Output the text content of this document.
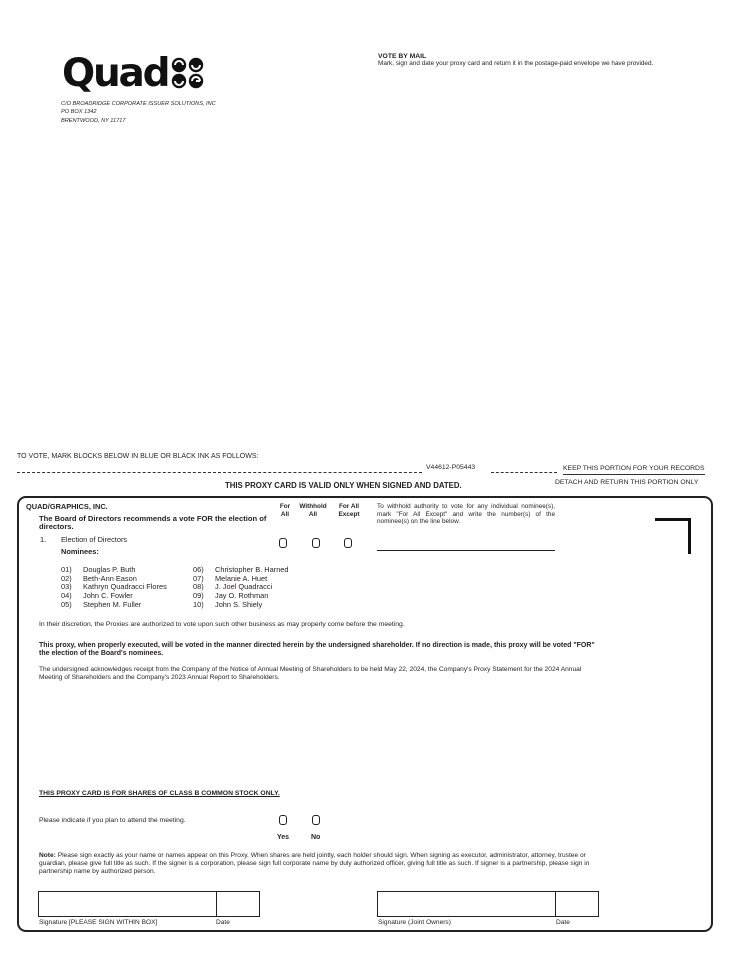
Quad
C/O BROADRIDGE CORPORATE ISSUER SOLUTIONS, INC
PO BOX 1342
BRENTWOOD, NY 11717
VOTE BY MAIL
Mark, sign and date your proxy card and return it in the postage-paid envelope we have provided.
TO VOTE, MARK BLOCKS BELOW IN BLUE OR BLACK INK AS FOLLOWS:
V44612-P05443	KEEP THIS PORTION FOR YOUR RECORDS
DETACH AND RETURN THIS PORTION ONLY
THIS PROXY CARD IS VALID ONLY WHEN SIGNED AND DATED.
QUAD/GRAPHICS, INC.
The Board of Directors recommends a vote FOR the election of directors.
For
All
Withhold
All
For All
Except
To withhold authority to vote for any individual nominee(s), mark "For All Except" and write the number(s) of the nominee(s) on the line below.
1. Election of Directors
Nominees:
01) Douglas P. Buth
02) Beth-Ann Eason
03) Kathryn Quadracci Flores
04) John C. Fowler
05) Stephen M. Fuller
06) Christopher B. Harned
07) Melanie A. Huet
08) J. Joel Quadracci
09) Jay O. Rothman
10) John S. Shiely
In their discretion, the Proxies are authorized to vote upon such other business as may properly come before the meeting.
This proxy, when properly executed, will be voted in the manner directed herein by the undersigned shareholder. If no direction is made, this proxy will be voted "FOR" the election of the Board's nominees.
The undersigned acknowledges receipt from the Company of the Notice of Annual Meeting of Shareholders to be held May 22, 2024, the Company's Proxy Statement for the 2024 Annual Meeting of Shareholders and the Company's 2023 Annual Report to Shareholders.
THIS PROXY CARD IS FOR SHARES OF CLASS B COMMON STOCK ONLY.
Please indicate if you plan to attend the meeting.
Yes	No
Note: Please sign exactly as your name or names appear on this Proxy. When shares are held jointly, each holder should sign. When signing as executor, administrator, attorney, trustee or guardian, please give full title as such. If the signer is a corporation, please sign full corporate name by duly authorized officer, giving full title as such. If signer is a partnership, please sign in partnership name by authorized person.
Signature [PLEASE SIGN WITHIN BOX]	Date	Signature (Joint Owners)	Date
